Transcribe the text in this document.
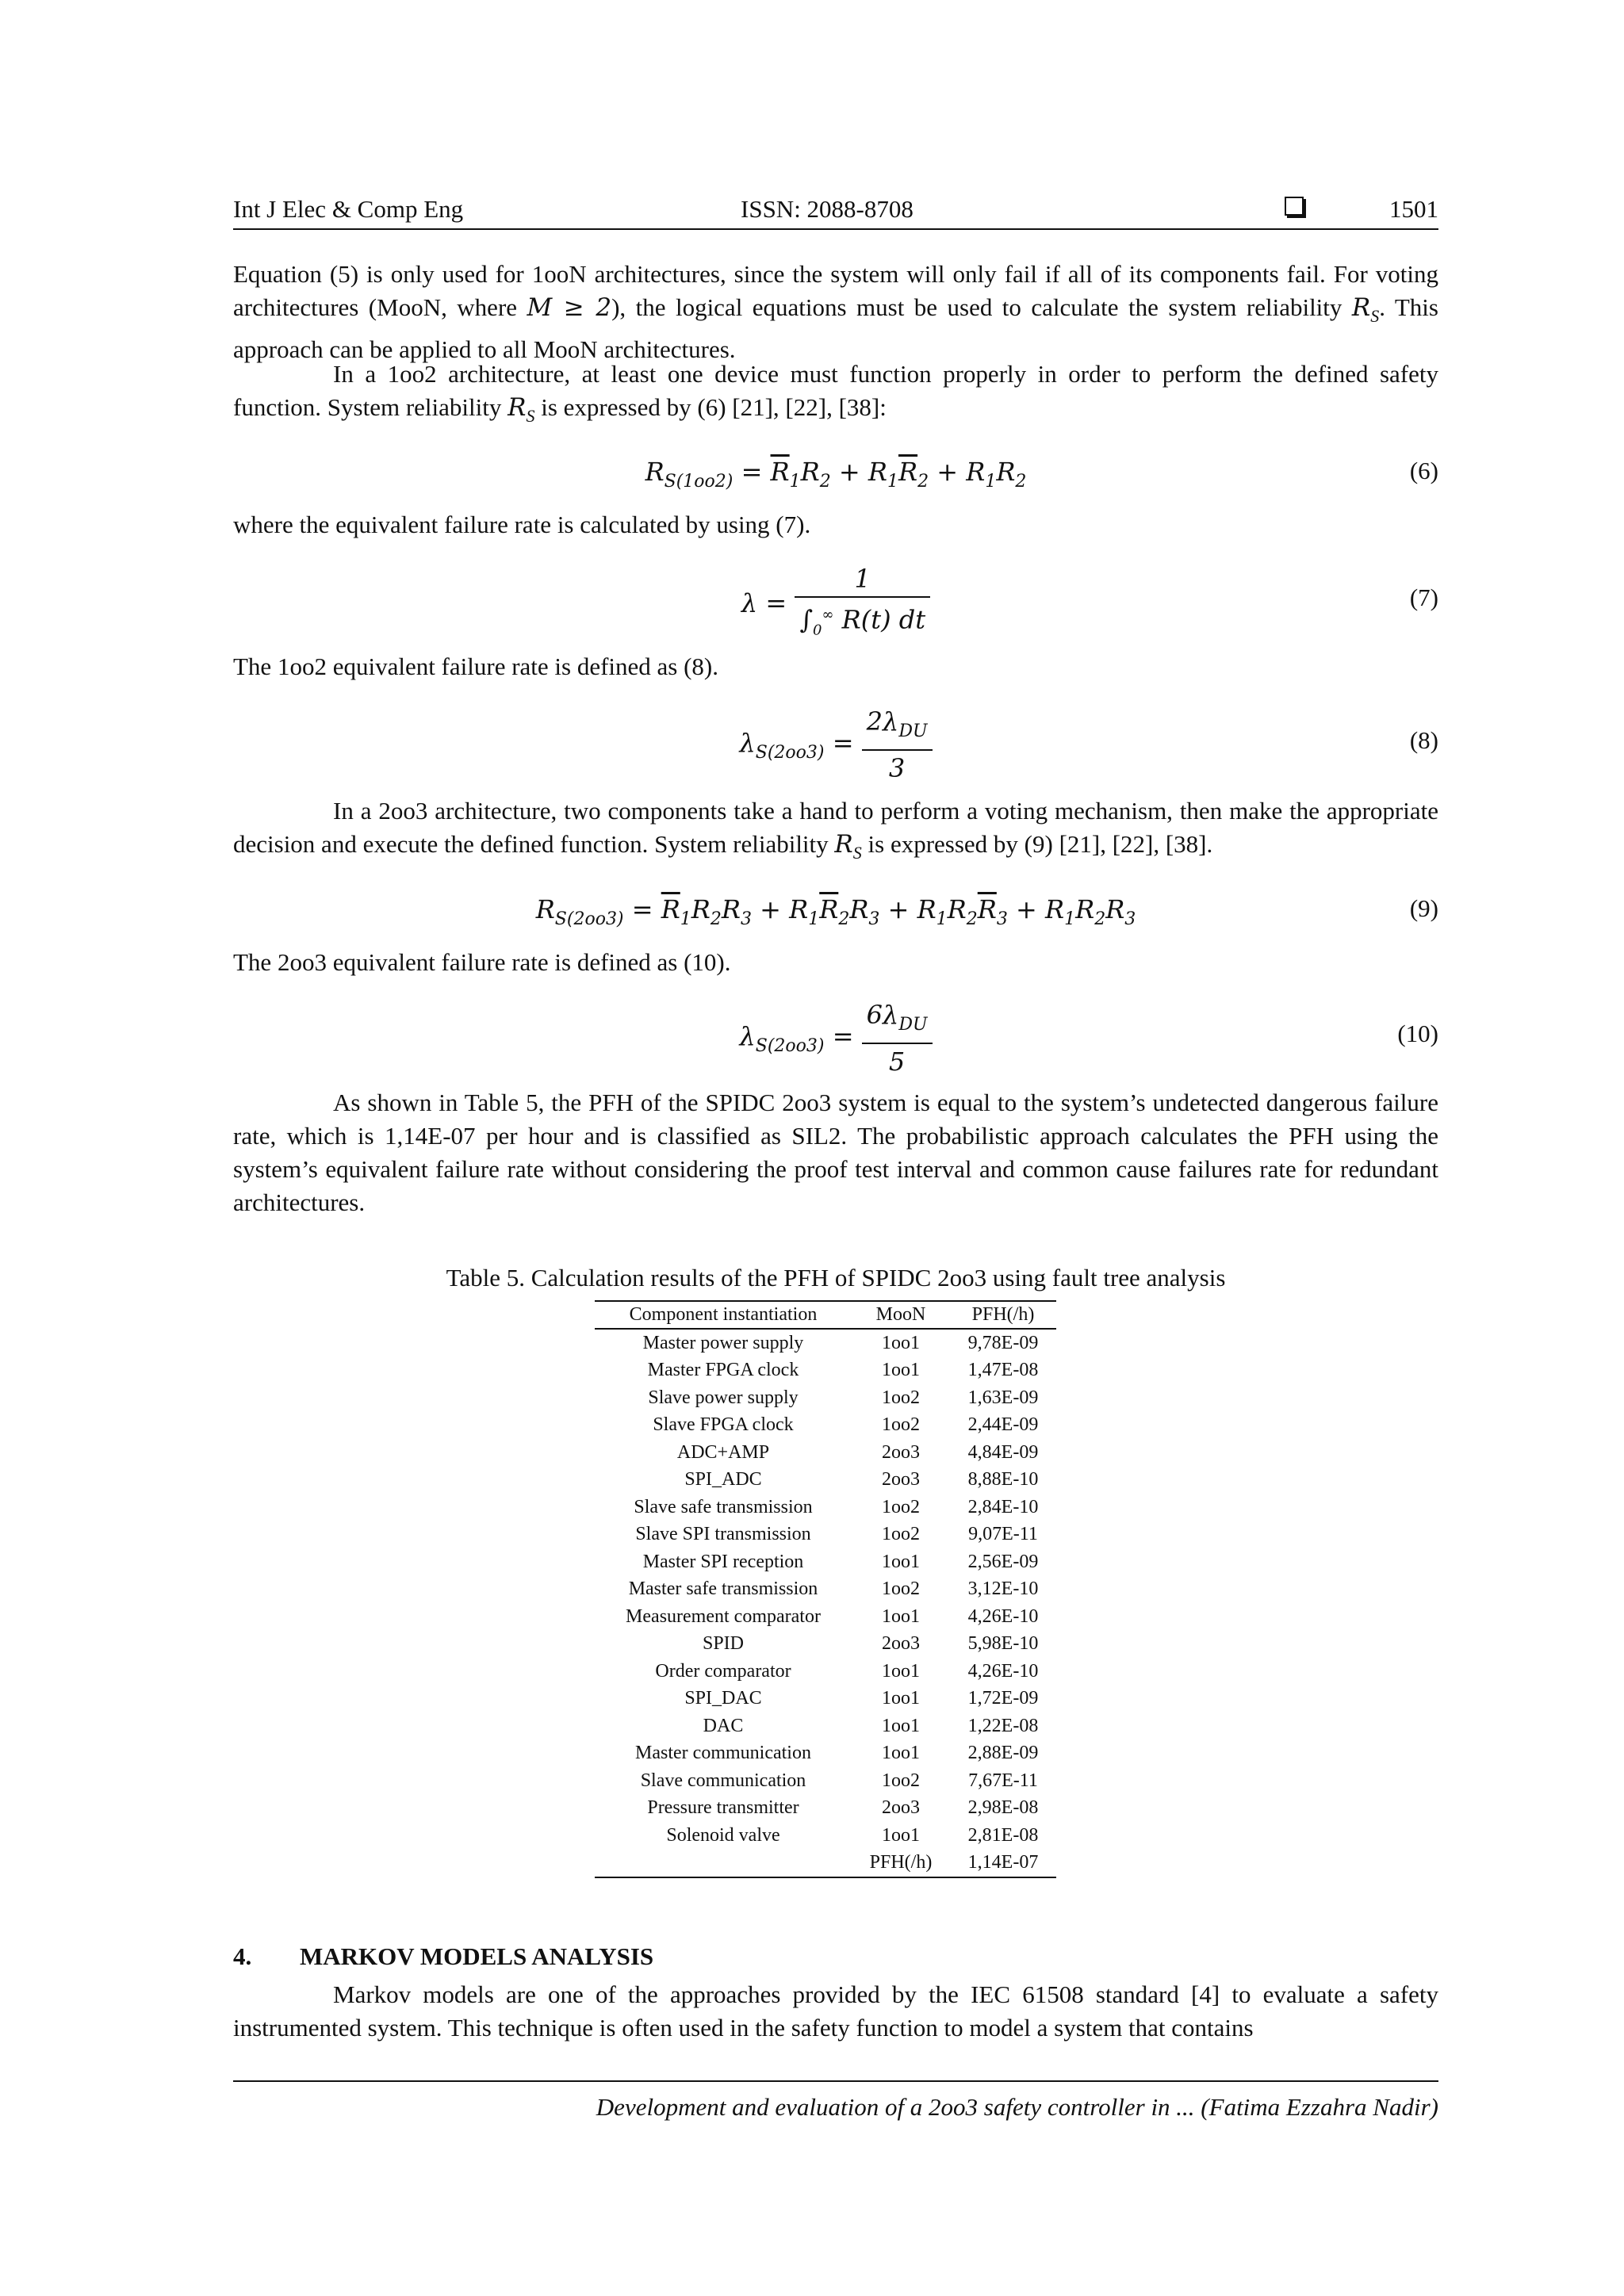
Int J Elec & Comp Eng	ISSN: 2088-8708	1501
Equation (5) is only used for 1ooN architectures, since the system will only fail if all of its components fail. For voting architectures (MooN, where M ≥ 2), the logical equations must be used to calculate the system reliability $R_S$. This approach can be applied to all MooN architectures.
In a 1oo2 architecture, at least one device must function properly in order to perform the defined safety function. System reliability $R_S$ is expressed by (6) [21], [22], [38]:
$R_{S(1oo2)} = \overline{R}_1R_2 + R_1\overline{R}_2 + R_1R_2$	(6)
where the equivalent failure rate is calculated by using (7).
$\lambda = \frac{1}{\int_0^\infty R(t) dt}$	(7)
The 1oo2 equivalent failure rate is defined as (8).
$\lambda_{S(2oo3)} = \frac{2\lambda_{DU}}{3}$	(8)
In a 2oo3 architecture, two components take a hand to perform a voting mechanism, then make the appropriate decision and execute the defined function. System reliability $R_S$ is expressed by (9) [21], [22], [38].
$R_{S(2oo3)} = \overline{R}_1R_2R_3 + R_1\overline{R}_2R_3 + R_1R_2\overline{R}_3 + R_1R_2R_3$	(9)
The 2oo3 equivalent failure rate is defined as (10).
$\lambda_{S(2oo3)} = \frac{6\lambda_{DU}}{5}$	(10)
As shown in Table 5, the PFH of the SPIDC 2oo3 system is equal to the system’s undetected dangerous failure rate, which is 1,14E-07 per hour and is classified as SIL2. The probabilistic approach calculates the PFH using the system’s equivalent failure rate without considering the proof test interval and common cause failures rate for redundant architectures.
Table 5. Calculation results of the PFH of SPIDC 2oo3 using fault tree analysis
Component instantiation	MooN	PFH(/h)
Master power supply	1oo1	9,78E-09
Master FPGA clock	1oo1	1,47E-08
Slave power supply	1oo2	1,63E-09
Slave FPGA clock	1oo2	2,44E-09
ADC+AMP	2oo3	4,84E-09
SPI_ADC	2oo3	8,88E-10
Slave safe transmission	1oo2	2,84E-10
Slave SPI transmission	1oo2	9,07E-11
Master SPI reception	1oo1	2,56E-09
Master safe transmission	1oo2	3,12E-10
Measurement comparator	1oo1	4,26E-10
SPID	2oo3	5,98E-10
Order comparator	1oo1	4,26E-10
SPI_DAC	1oo1	1,72E-09
DAC	1oo1	1,22E-08
Master communication	1oo1	2,88E-09
Slave communication	1oo2	7,67E-11
Pressure transmitter	2oo3	2,98E-08
Solenoid valve	1oo1	2,81E-08
	PFH(/h)	1,14E-07
4. MARKOV MODELS ANALYSIS
Markov models are one of the approaches provided by the IEC 61508 standard [4] to evaluate a safety instrumented system. This technique is often used in the safety function to model a system that contains
Development and evaluation of a 2oo3 safety controller in ... (Fatima Ezzahra Nadir)
